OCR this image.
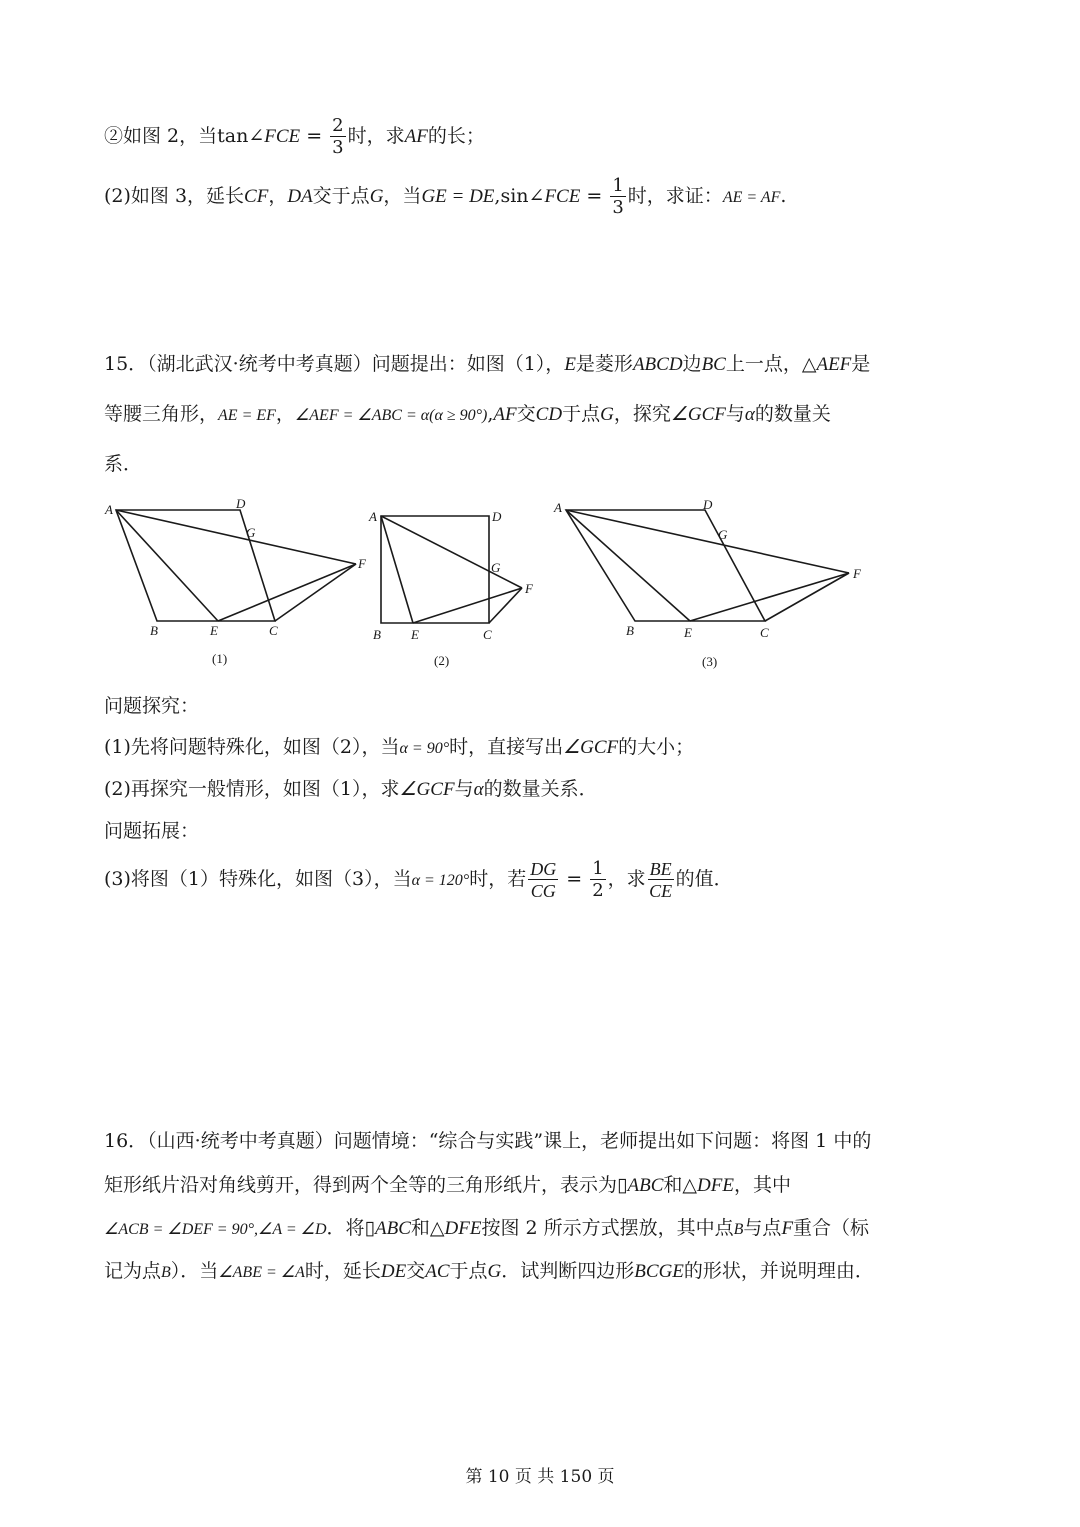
②如图 2，当tan∠FCE = $\frac{2}{3}$ 时，求AF的长；
(2)如图 3，延长CF，DA交于点G，当GE = DE,sin∠FCE = $\frac{1}{3}$ 时，求证：AE = AF.
15．（湖北武汉·统考中考真题）问题提出：如图（1），E是菱形ABCD边BC上一点，△AEF是
等腰三角形，AE = EF，∠AEF = ∠ABC = α(α ≥ 90°),AF交CD于点G，探究∠GCF与α的数量关
系．
A	D
G
F
B	E	C
(1)
A	D
G
F
B E	C
(2)
A	D
G
F
B	E	C
(3)
问题探究：
(1)先将问题特殊化，如图（2），当α = 90°时，直接写出∠GCF的大小；
(2)再探究一般情形，如图（1），求∠GCF与α的数量关系．
问题拓展：
(3)将图（1）特殊化，如图（3），当α = 120°时，若 $\frac{DG}{CG} = \frac{1}{2}$ ，求 $\frac{BE}{CE}$ 的值．
16．（山西·统考中考真题）问题情境：“综合与实践”课上，老师提出如下问题：将图 1 中的
矩形纸片沿对角线剪开，得到两个全等的三角形纸片，表示为▯ABC和△DFE，其中
∠ACB = ∠DEF = 90°,∠A = ∠D．将▯ABC和△DFE按图 2 所示方式摆放，其中点B与点F重合（标
记为点B）．当∠ABE = ∠A时，延长DE交AC于点G．试判断四边形BCGE的形状，并说明理由．
第 10 页 共 150 页
